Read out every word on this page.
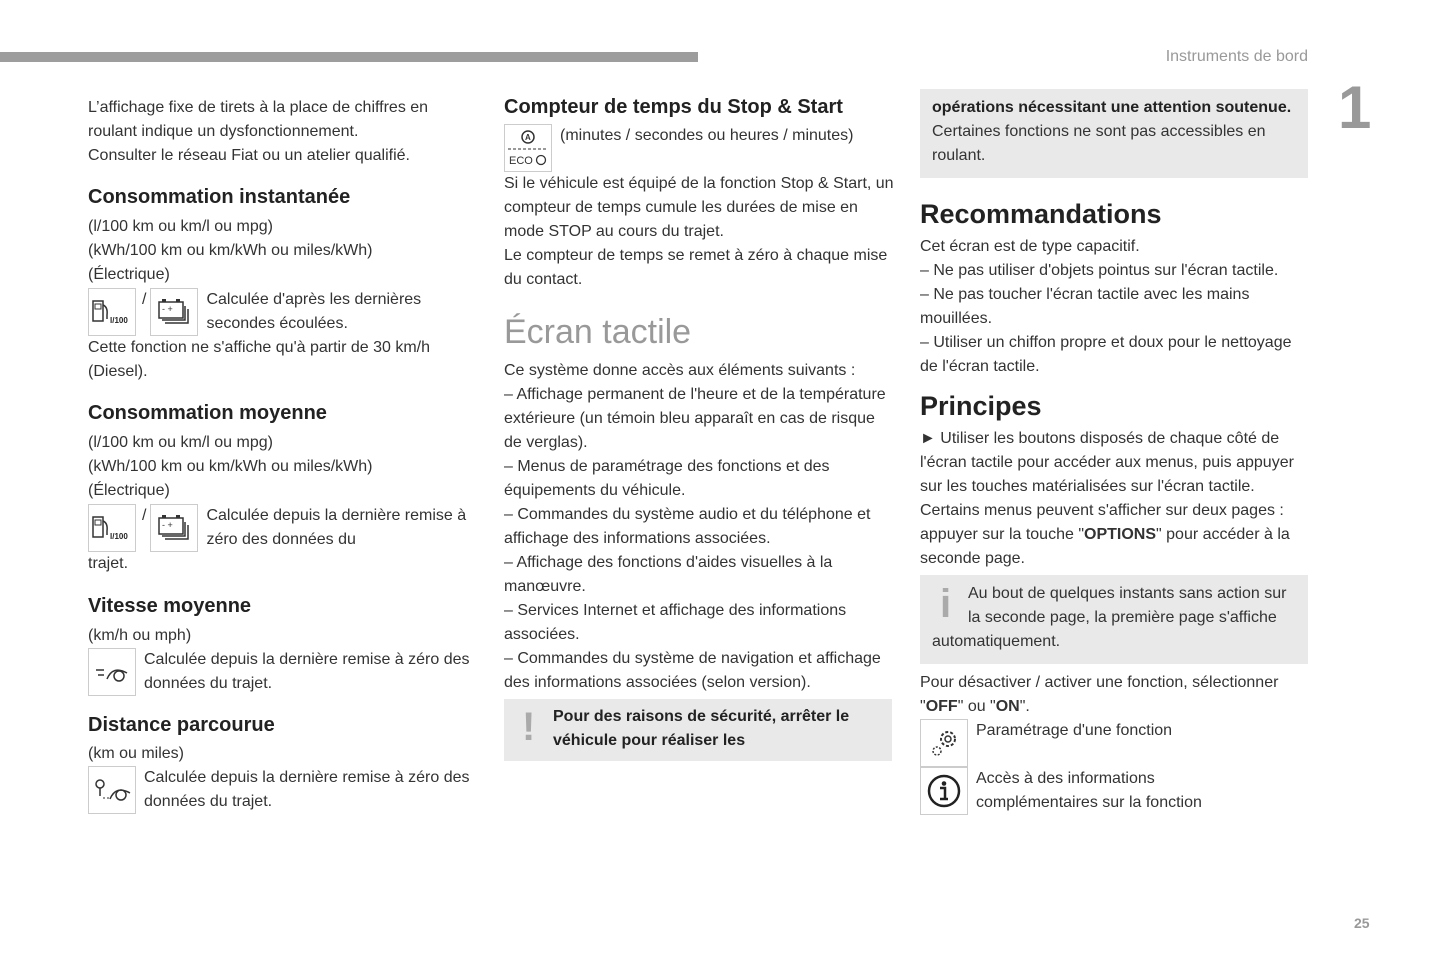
Instruments de bord
1
25

L’affichage fixe de tirets à la place de chiffres en roulant indique un dysfonctionnement.

Consulter le réseau Fiat ou un atelier qualifié.

Consommation instantanée

(l/100 km ou km/l ou mpg)

(kWh/100 km ou km/kWh ou miles/kWh)

(Électrique)

l/100
/
- +
Calculée d'après les dernières secondes écoulées.
Cette fonction ne s'affiche qu'à partir de 30 km/h (Diesel).
Consommation moyenne

(l/100 km ou km/l ou mpg)

(kWh/100 km ou km/kWh ou miles/kWh)

(Électrique)

l/100
/
- +
Calculée depuis la dernière remise à zéro des données du
trajet.
Vitesse moyenne
(km/h ou mph)
Calculée depuis la dernière remise à zéro des données du trajet.
Distance parcourue
(km ou miles)
Calculée depuis la dernière remise à zéro des données du trajet.
Compteur de temps du Stop & Start
A
ECO
(minutes / secondes ou heures / minutes)

Si le véhicule est équipé de la fonction Stop & Start, un compteur de temps cumule les durées de mise en mode STOP au cours du trajet.

Le compteur de temps se remet à zéro à chaque mise du contact.

Écran tactile

Ce système donne accès aux éléments suivants :

– Affichage permanent de l'heure et de la température extérieure (un témoin bleu apparaît en cas de risque de verglas).

– Menus de paramétrage des fonctions et des équipements du véhicule.

– Commandes du système audio et du téléphone et affichage des informations associées.

– Affichage des fonctions d'aides visuelles à la manœuvre.

– Services Internet et affichage des informations associées.

– Commandes du système de navigation et affichage des informations associées (selon version).

!	Pour des raisons de sécurité, arrêter le véhicule pour réaliser les
opérations nécessitant une attention soutenue.
Certaines fonctions ne sont pas accessibles en roulant.
Recommandations

Cet écran est de type capacitif.

– Ne pas utiliser d'objets pointus sur l'écran tactile.

– Ne pas toucher l'écran tactile avec les mains mouillées.

– Utiliser un chiffon propre et doux pour le nettoyage de l'écran tactile.

Principes

► Utiliser les boutons disposés de chaque côté de l'écran tactile pour accéder aux menus, puis appuyer sur les touches matérialisées sur l'écran tactile.

Certains menus peuvent s'afficher sur deux pages : appuyer sur la touche "OPTIONS" pour accéder à la seconde page.

i	Au bout de quelques instants sans action sur la seconde page, la première page s'affiche automatiquement.
Pour désactiver / activer une fonction, sélectionner "OFF" ou "ON".
Paramétrage d'une fonction
Accès à des informations complémentaires sur la fonction
